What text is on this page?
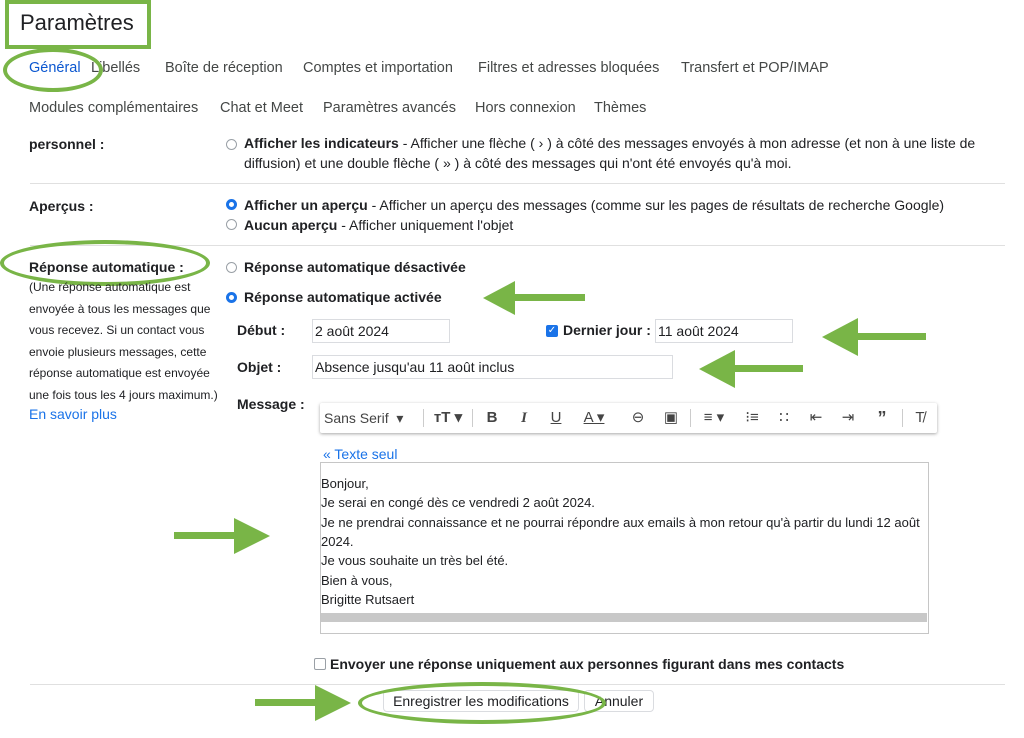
Paramètres
Général Libellés Boîte de réception Comptes et importation Filtres et adresses bloquées Transfert et POP/IMAP
Modules complémentaires Chat et Meet Paramètres avancés Hors connexion Thèmes
personnel :	Afficher les indicateurs - Afficher une flèche ( › ) à côté des messages envoyés à mon adresse (et non à une liste de
diffusion) et une double flèche ( » ) à côté des messages qui n'ont été envoyés qu'à moi.
Aperçus :	Afficher un aperçu - Afficher un aperçu des messages (comme sur les pages de résultats de recherche Google)
Aucun aperçu - Afficher uniquement l'objet
Réponse automatique :
(Une réponse automatique est
envoyée à tous les messages que
vous recevez. Si un contact vous
envoie plusieurs messages, cette
réponse automatique est envoyée
une fois tous les 4 jours maximum.)
En savoir plus
Réponse automatique désactivée
Réponse automatique activée
Début : 2 août 2024	✓ Dernier jour : 11 août 2024
Objet : Absence jusqu'au 11 août inclus
Message :
Sans Serif  ▾	тT ▾	B	I	U	A ▾	⊖	▣	≡ ▾	⁝≡	∷	⇤	⇥	”	T̸
« Texte seul
Bonjour,
Je serai en congé dès ce vendredi 2 août 2024.
Je ne prendrai connaissance et ne pourrai répondre aux emails à mon retour qu'à partir du lundi 12 août
2024.
Je vous souhaite un très bel été.
Bien à vous,
Brigitte Rutsaert
Envoyer une réponse uniquement aux personnes figurant dans mes contacts
Enregistrer les modifications	Annuler
